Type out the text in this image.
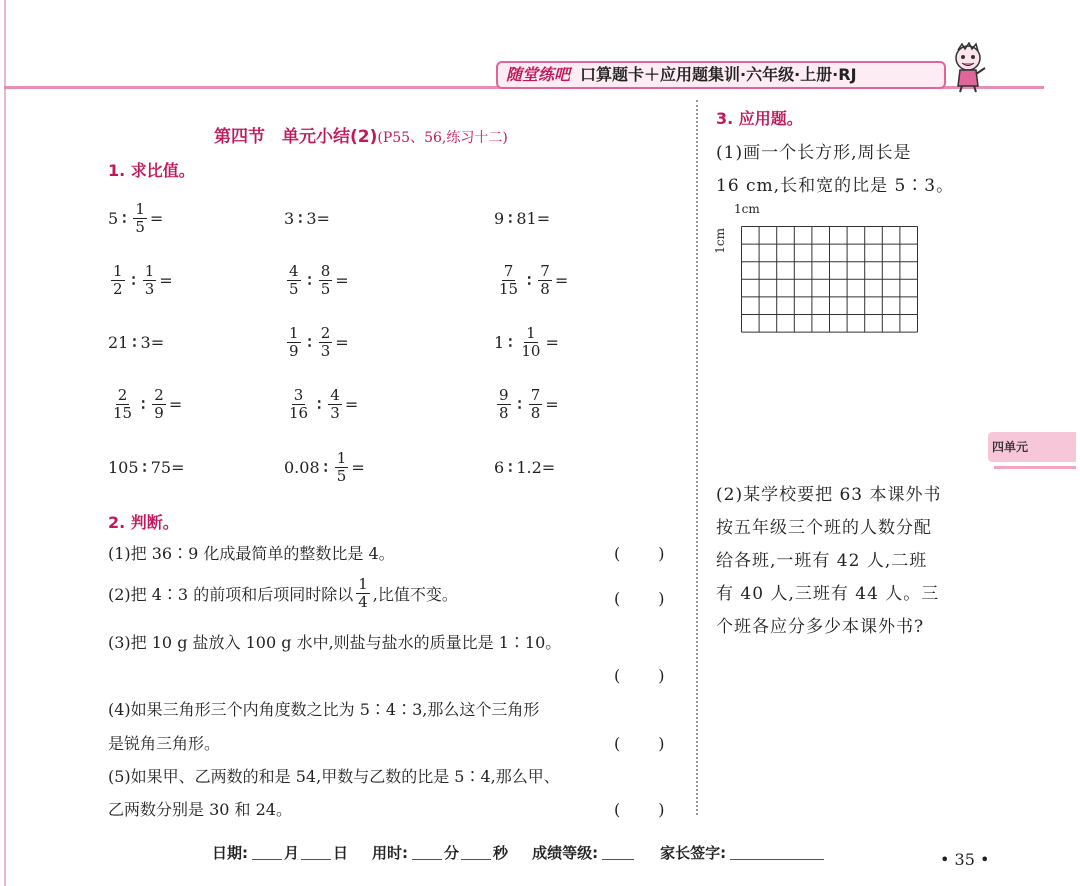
随堂练吧 口算题卡＋应用题集训·六年级·上册·RJ
第四节　单元小结(2)(P55、56,练习十二)
1. 求比值。
5 ∶ $\frac{1}{5}$ =	3 ∶ 3=	9 ∶ 81=
$\frac{1}{2}$ ∶ $\frac{1}{3}$ =	$\frac{4}{5}$ ∶ $\frac{8}{5}$ =	$\frac{7}{15}$ ∶ $\frac{7}{8}$ =
21 ∶ 3=	$\frac{1}{9}$ ∶ $\frac{2}{3}$ =	1 ∶ $\frac{1}{10}$ =
$\frac{2}{15}$ ∶ $\frac{2}{9}$ =	$\frac{3}{16}$ ∶ $\frac{4}{3}$ =	$\frac{9}{8}$ ∶ $\frac{7}{8}$ =
105 ∶ 75=	0.08 ∶ $\frac{1}{5}$ =	6 ∶ 1.2=
2. 判断。
(1)把 36∶9 化成最简单的整数比是 4。	(　　)
(2)把 4∶3 的前项和后项同时除以 $\frac{1}{4}$ ,比值不变。	(　　)
(3)把 10 g 盐放入 100 g 水中,则盐与盐水的质量比是 1∶10。
(　　)
(4)如果三角形三个内角度数之比为 5∶4∶3,那么这个三角形
是锐角三角形。	(　　)
(5)如果甲、乙两数的和是 54,甲数与乙数的比是 5∶4,那么甲、
乙两数分别是 30 和 24。	(　　)
3. 应用题。
(1)画一个长方形,周长是
16 cm,长和宽的比是 5∶3。
1cm
1cm
(2)某学校要把 63 本课外书
按五年级三个班的人数分配
给各班,一班有 42 人,二班
有 40 人,三班有 44 人。三
个班各应分多少本课外书?
四单元
日期: 月 日 用时: 分 秒 成绩等级:	家长签字:	• 35 •
